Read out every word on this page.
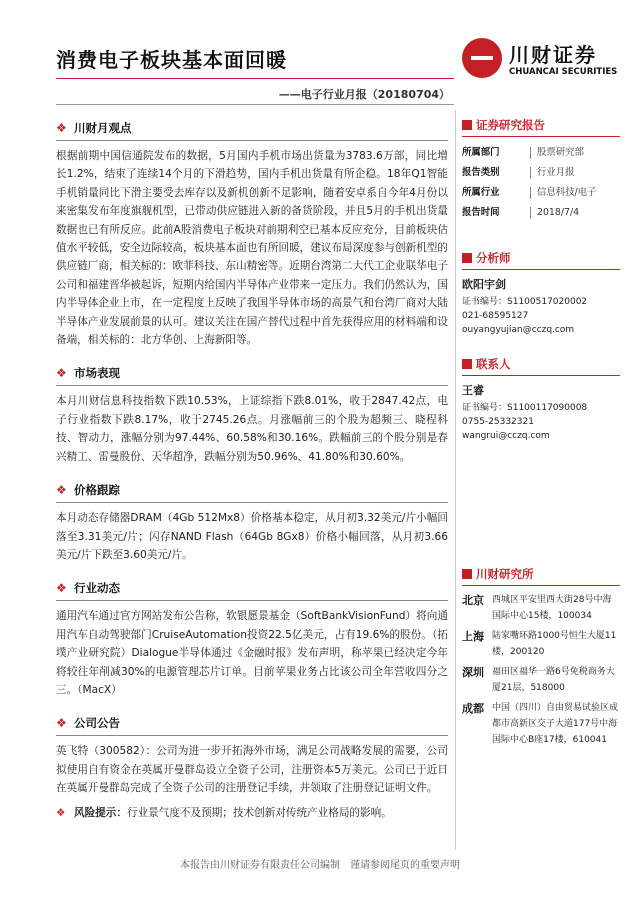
消费电子板块基本面回暖	川财证券
CHUANCAI SECURITIES
——电子行业月报（20180704）
❖ 川财月观点

根据前期中国信通院发布的数据，5月国内手机市场出货量为3783.6万部，同比增长1.2%，结束了连续14个月的下滑趋势，国内手机出货量有所企稳。18年Q1智能手机销量同比下滑主要受去库存以及新机创新不足影响，随着安卓系自今年4月份以来密集发布年度旗舰机型，已带动供应链进入新的备货阶段，并且5月的手机出货量数据也已有所反应。此前A股消费电子板块对前期利空已基本反应充分，目前板块估值水平较低，安全边际较高，板块基本面也有所回暖，建议布局深度参与创新机型的供应链厂商，相关标的：欧菲科技、东山精密等。近期台湾第二大代工企业联华电子公司和福建晋华被起诉，短期内给国内半导体产业带来一定压力。我们仍然认为，国内半导体企业上市，在一定程度上反映了我国半导体市场的高景气和台湾厂商对大陆半导体产业发展前景的认可。建议关注在国产替代过程中首先获得应用的材料端和设备端，相关标的：北方华创、上海新阳等。

❖ 市场表现

本月川财信息科技指数下跌10.53%，上证综指下跌8.01%，收于2847.42点，电子行业指数下跌8.17%，收于2745.26点。月涨幅前三的个股为超频三、晓程科技、智动力，涨幅分别为97.44%、60.58%和30.16%。跌幅前三的个股分别是春兴精工、雷曼股份、天华超净，跌幅分别为50.96%、41.80%和30.60%。

❖ 价格跟踪

本月动态存储器DRAM（4Gb 512Mx8）价格基本稳定，从月初3.32美元/片小幅回落至3.31美元/片；闪存NAND Flash（64Gb 8Gx8）价格小幅回落，从月初3.66美元/片下跌至3.60美元/片。

❖ 行业动态

通用汽车通过官方网站发布公告称，软银愿景基金（SoftBankVisionFund）将向通用汽车自动驾驶部门CruiseAutomation投资22.5亿美元，占有19.6%的股份。（拓墣产业研究院）Dialogue半导体通过《金融时报》发布声明，称苹果已经决定今年将较往年削减30%的电源管理芯片订单。目前苹果业务占比该公司全年营收四分之三。（MacX）

❖ 公司公告

英飞特（300582）：公司为进一步开拓海外市场，满足公司战略发展的需要，公司拟使用自有资金在英属开曼群岛设立全资子公司，注册资本5万美元。公司已于近日在英属开曼群岛完成了全资子公司的注册登记手续，并领取了注册登记证明文件。

❖ 风险提示：行业景气度不及预期；技术创新对传统产业格局的影响。
证券研究报告
所属部门	股票研究部
报告类别	行业月报
所属行业	信息科技/电子
报告时间	2018/7/4
分析师
欧阳宇剑
证书编号：S1100517020002
021-68595127
ouyangyujian@cczq.com
联系人
王睿
证书编号：S1100117090008
0755-25332321
wangrui@cczq.com
川财研究所
北京 西城区平安里西大街28号中海国际中心15楼，100034
上海 陆家嘴环路1000号恒生大厦11楼，200120
深圳 福田区福华一路6号免税商务大厦21层，518000
成都 中国（四川）自由贸易试验区成都市高新区交子大道177号中海国际中心B座17楼，610041
本报告由川财证券有限责任公司编制　谨请参阅尾页的重要声明
